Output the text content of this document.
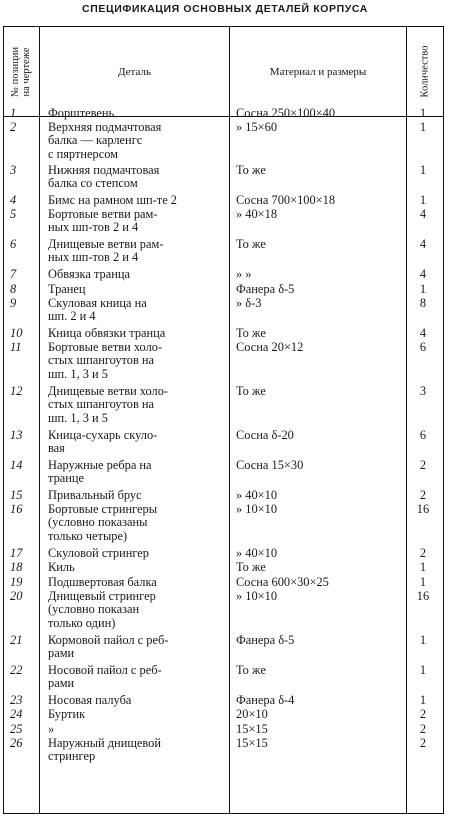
СПЕЦИФИКАЦИЯ ОСНОВНЫХ ДЕТАЛЕЙ КОРПУСА
№ позиции на чертеже	Деталь	Материал и размеры	Количество
1	Форштевень	Сосна 250×100×40	1
2	Верхняя подмачтовая
балка — карленгс
с пяртнерсом
» 15×60	1
3	Нижняя подмачтовая
балка со степсом
То же	1
4	Бимс на рамном шп-те 2	Сосна 700×100×18	1
5	Бортовые ветви рам-
ных шп-тов 2 и 4
» 40×18	4
6	Днищевые ветви рам-
ных шп-тов 2 и 4
То же	4
7	Обвязка транца	» »	4
8	Транец	Фанера δ-5	1
9	Скуловая кница на
шп. 2 и 4
» δ-3	8
10	Кница обвязки транца	То же	4
11	Бортовые ветви холо-
стых шпангоутов на
шп. 1, 3 и 5
Сосна 20×12	6
12	Днищевые ветви холо-
стых шпангоутов на
шп. 1, 3 и 5
То же	3
13	Кница-сухарь скуло-
вая
Сосна δ-20	6
14	Наружные ребра на
транце
Сосна 15×30	2
15	Привальный брус	» 40×10	2
16	Бортовые стрингеры
(условно показаны
только четыре)
» 10×10	16
17	Скуловой стрингер	» 40×10	2
18	Киль	То же	1
19	Подшвертовая балка	Сосна 600×30×25	1
20	Днищевый стрингер
(условно показан
только один)
» 10×10	16
21	Кормовой пайол с реб-
рами
Фанера δ-5	1
22	Носовой пайол с реб-
рами
То же	1
23	Носовая палуба	Фанера δ-4	1
24	Буртик	20×10	2
25	»	15×15	2
26	Наружный днищевой
стрингер
15×15	2
